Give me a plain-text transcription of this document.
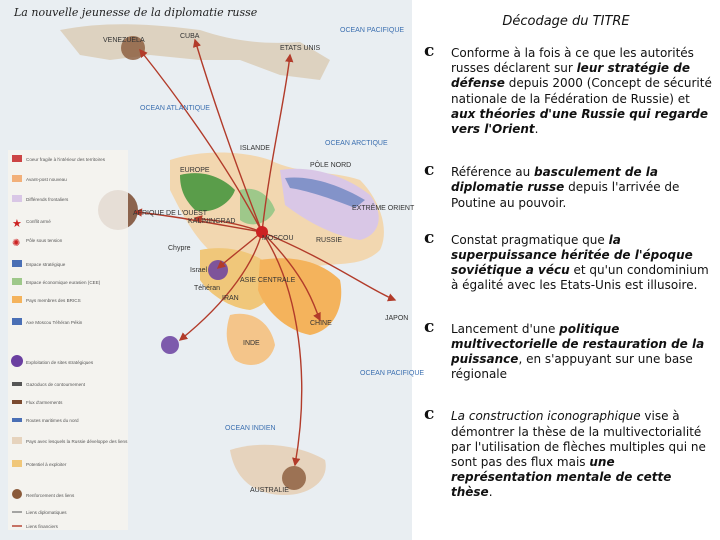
La nouvelle jeunesse de la diplomatie russe
VENEZUELA
CUBA
ETATS UNIS
OCEAN PACIFIQUE
OCEAN ATLANTIQUE
ISLANDE
OCEAN ARCTIQUE
PÔLE NORD
EUROPE
AFRIQUE DE L'OUEST
KALININGRAD
MOSCOU	RUSSIE
EXTRÊME ORIENT
Chypre
Israel
Téhéran
ASIE CENTRALE
IRAN
JAPON
CHINE
INDE
OCEAN PACIFIQUE
OCEAN INDIEN
AUSTRALIE
Coeur fragile à l'intérieur des territoires
Avant-post nouveau
Différends frontaliers
★ Conflit armé
✺ Pôle sous tension
Espace stratégique
Espace économique eurasien (CEE)
Pays membres des BRICS
Axe Moscou Téhéran Pékin
Exploitation de sites stratégiques
Gazoducs de contournement
Flux d'armements
Routes maritimes du nord
Pays avec lesquels la Russie développe des liens
Potentiel à exploiter
Renforcement des liens
Liens diplomatiques
Liens financiers
Décodage du TITRE
c Conforme à la fois à ce que les autorités russes déclarent sur leur stratégie de défense depuis 2000 (Concept de sécurité nationale de la Fédération de Russie) et aux théories d'une Russie qui regarde vers l'Orient.
c Référence au basculement de la diplomatie russe depuis l'arrivée de Poutine au pouvoir.
c Constat pragmatique que la superpuissance héritée de l'époque soviétique a vécu et qu'un condominium à égalité avec les Etats-Unis est illusoire.
c Lancement d'une politique multivectorielle de restauration de la puissance, en s'appuyant sur une base régionale
c La construction iconographique vise à démontrer la thèse de la multivectorialité par l'utilisation de flèches multiples qui ne sont pas des flux mais une représentation mentale de cette thèse.
